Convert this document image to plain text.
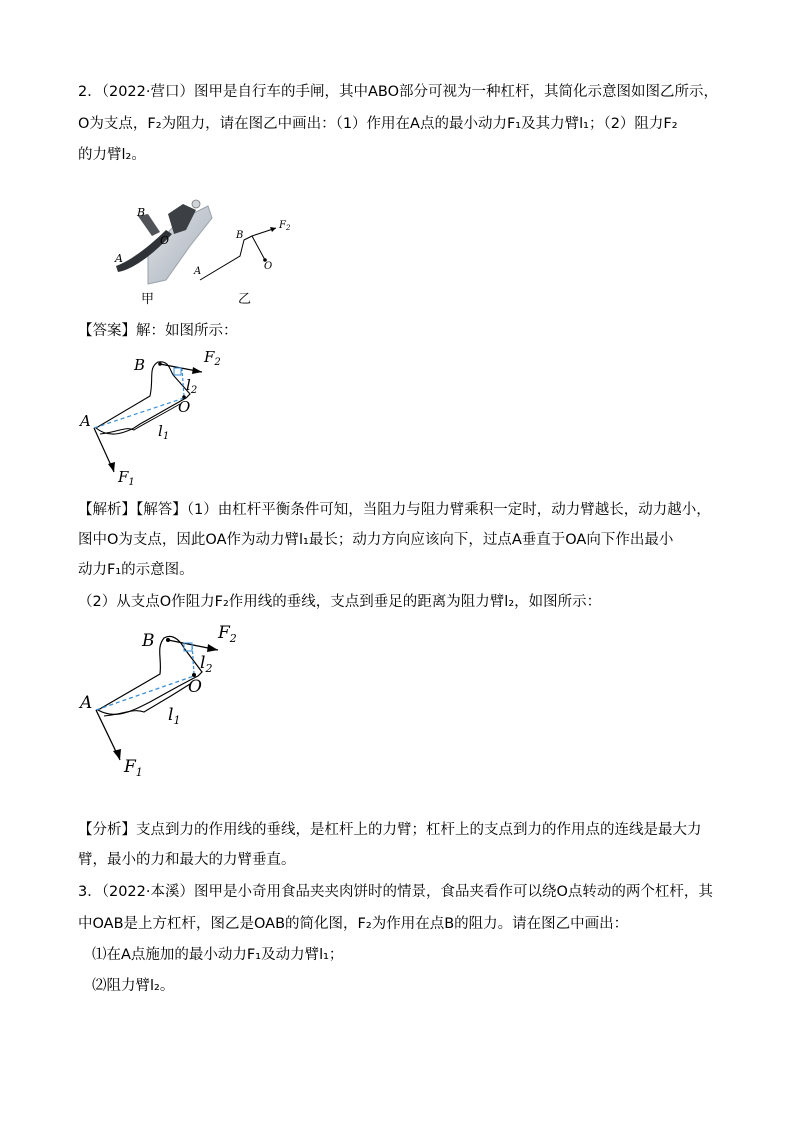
2．（2022·营口）图甲是自行车的手闸，其中ABO部分可视为一种杠杆，其简化示意图如图乙所示，
O为支点，F₂为阻力，请在图乙中画出：（1）作用在A点的最小动力F₁及其力臂l₁；（2）阻力F₂
的力臂l₂。
B
O
A
甲
B
O
A
$F_2$
乙
【答案】解：如图所示：
B
O
A
$F_2$
$l_2$
$l_1$
$F_1$
【解析】【解答】（1）由杠杆平衡条件可知，当阻力与阻力臂乘积一定时，动力臂越长，动力越小，
图中O为支点，因此OA作为动力臂l₁最长；动力方向应该向下，过点A垂直于OA向下作出最小
动力F₁的示意图。
（2）从支点O作阻力F₂作用线的垂线，支点到垂足的距离为阻力臂l₂，如图所示：
B
O
A
$F_2$
$l_2$
$l_1$
$F_1$
【分析】支点到力的作用线的垂线，是杠杆上的力臂；杠杆上的支点到力的作用点的连线是最大力
臂，最小的力和最大的力臂垂直。
3．（2022·本溪）图甲是小奇用食品夹夹肉饼时的情景，食品夹看作可以绕O点转动的两个杠杆，其
中OAB是上方杠杆，图乙是OAB的简化图，F₂为作用在点B的阻力。请在图乙中画出：
⑴在A点施加的最小动力F₁及动力臂l₁；
⑵阻力臂l₂。
